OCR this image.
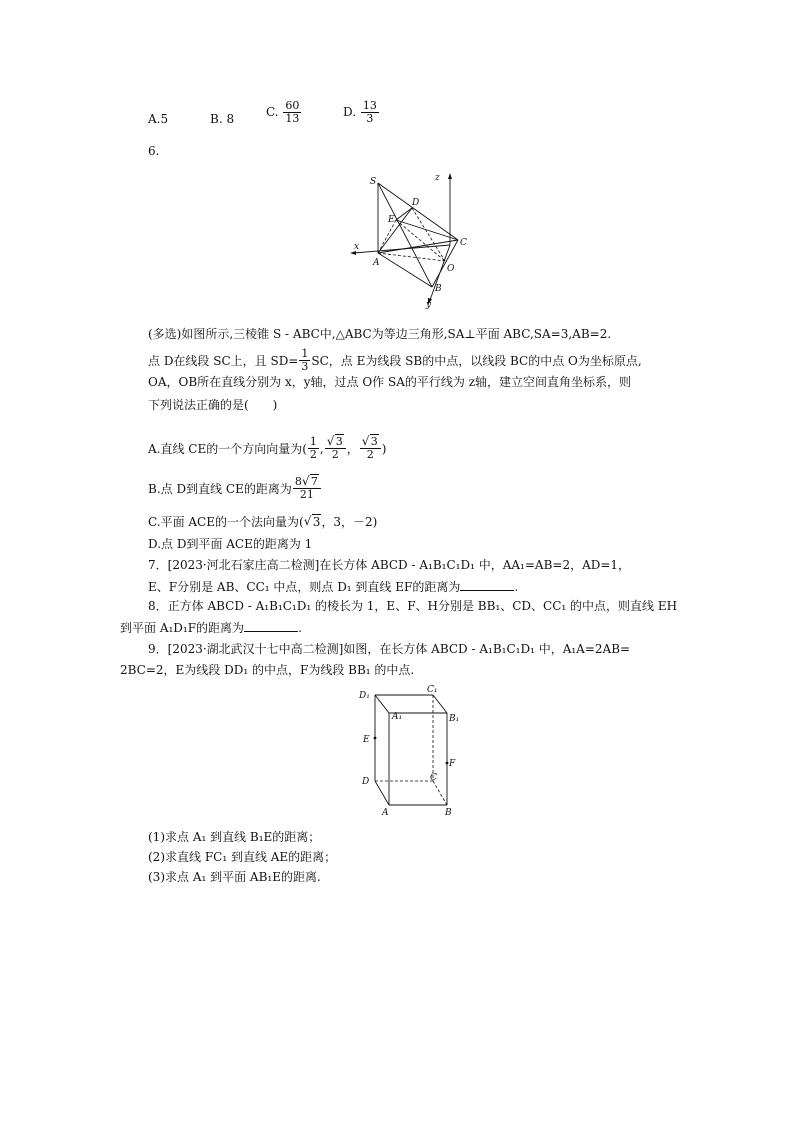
A.5	B. 8	C. $\frac{60}{13}$	D. $\frac{13}{3}$
6.
S
D
E
C
A
O
B
x
y
z
(多选)如图所示,三棱锥 S - ABC中,△ABC为等边三角形,SA⊥平面 ABC,SA=3,AB=2.
点 D在线段 SC上，且 $SD= \frac{1}{3}$ SC，点 E为线段 SB的中点，以线段 BC的中点 O为坐标原点,
OA，OB所在直线分别为 x，y轴，过点 O作 SA的平行线为 z轴，建立空间直角坐标系，则
下列说法正确的是(　　)
A.直线 CE的一个方向向量为( $\frac{1}{2}$ , √ $\frac{3}{2}$ ， √ $\frac{3}{2}$ )
B.点 D到直线 CE的距离为 $\frac{8 √ 7}{21}$
C.平面 ACE的一个法向量为( √ 3 ，3，－2)
D.点 D到平面 ACE的距离为 1
7．[2023·河北石家庄高二检测]在长方体 ABCD - A₁B₁C₁D₁ 中，AA₁=AB=2，AD=1，
E、F分别是 AB、CC₁ 中点，则点 D₁ 到直线 EF的距离为	.
8．正方体 ABCD - A₁B₁C₁D₁ 的棱长为 1，E、F、H分别是 BB₁、CD、CC₁ 的中点，则直线 EH
到平面 A₁D₁F的距离为	.
9．[2023·湖北武汉十七中高二检测]如图，在长方体 ABCD - A₁B₁C₁D₁ 中，A₁A=2AB=
2BC=2，E为线段 DD₁ 的中点，F为线段 BB₁ 的中点.
D₁
C₁
A₁	B₁
E
F
D	C
A	B
(1)求点 A₁ 到直线 B₁E的距离；
(2)求直线 FC₁ 到直线 AE的距离；
(3)求点 A₁ 到平面 AB₁E的距离.
